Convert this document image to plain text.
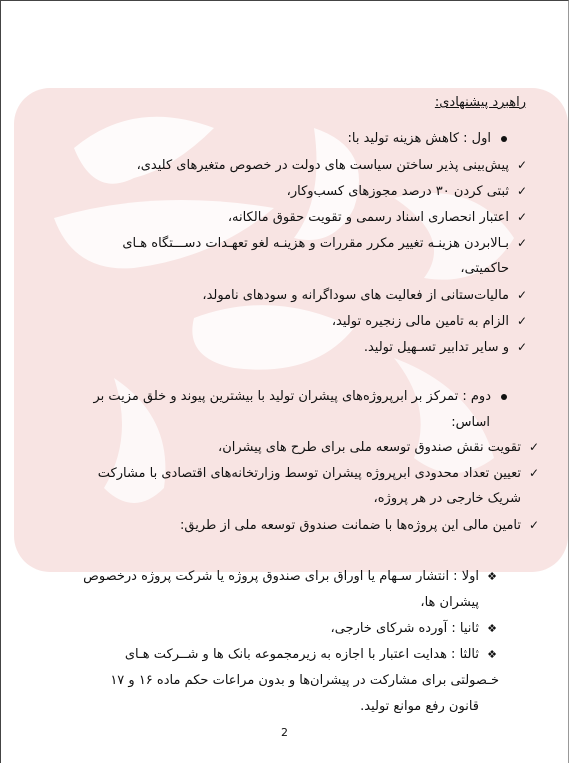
راهبرد پیشنهادی:
اول : کاهش هزینه تولید با:
✓پیش‌بینی پذیر ساختن سیاست های دولت در خصوص متغیرهای کلیدی،
✓ثبتی کردن ۳۰ درصد مجوزهای کسب‌وکار،
✓اعتبار انحصاری اسناد رسمی و تقویت حقوق مالکانه،
✓بـالابردن هزینـه تغییر مکرر مقررات و هزینـه لغو تعهـدات دســـتگاه هـای
حاکمیتی،
✓مالیات‌ستانی از فعالیت های سوداگرانه و سودهای نامولد،
✓الزام به تامین مالی زنجیره تولید،
✓و سایر تدابیر تسـهیل تولید.
دوم : تمرکز بر ابرپروژه‌های پیشران تولید با بیشترین پیوند و خلق مزیت بر
اساس:
✓تقویت نقش صندوق توسعه ملی برای طرح های پیشران،
✓تعیین تعداد محدودی ابرپروژه پیشران توسط وزارتخانه‌های اقتصادی با مشارکت
شریک خارجی در هر پروژه،
✓تامین مالی این پروژه‌ها با ضمانت صندوق توسعه ملی از طریق:
❖اولا : انتشار سـهام یا اوراق برای صندوق پروژه یا شرکت پروژه درخصوص
پیشران ها،
❖ثانیا : آورده شرکای خارجی،
❖ثالثا : هدایت اعتبار با اجازه به زیرمجموعه بانک ها و شــرکت هـای
خـصولتی برای مشارکت در پیشران‌ها و بدون مراعات حکم ماده ۱۶ و ۱۷
قانون رفع موانع تولید.
2
